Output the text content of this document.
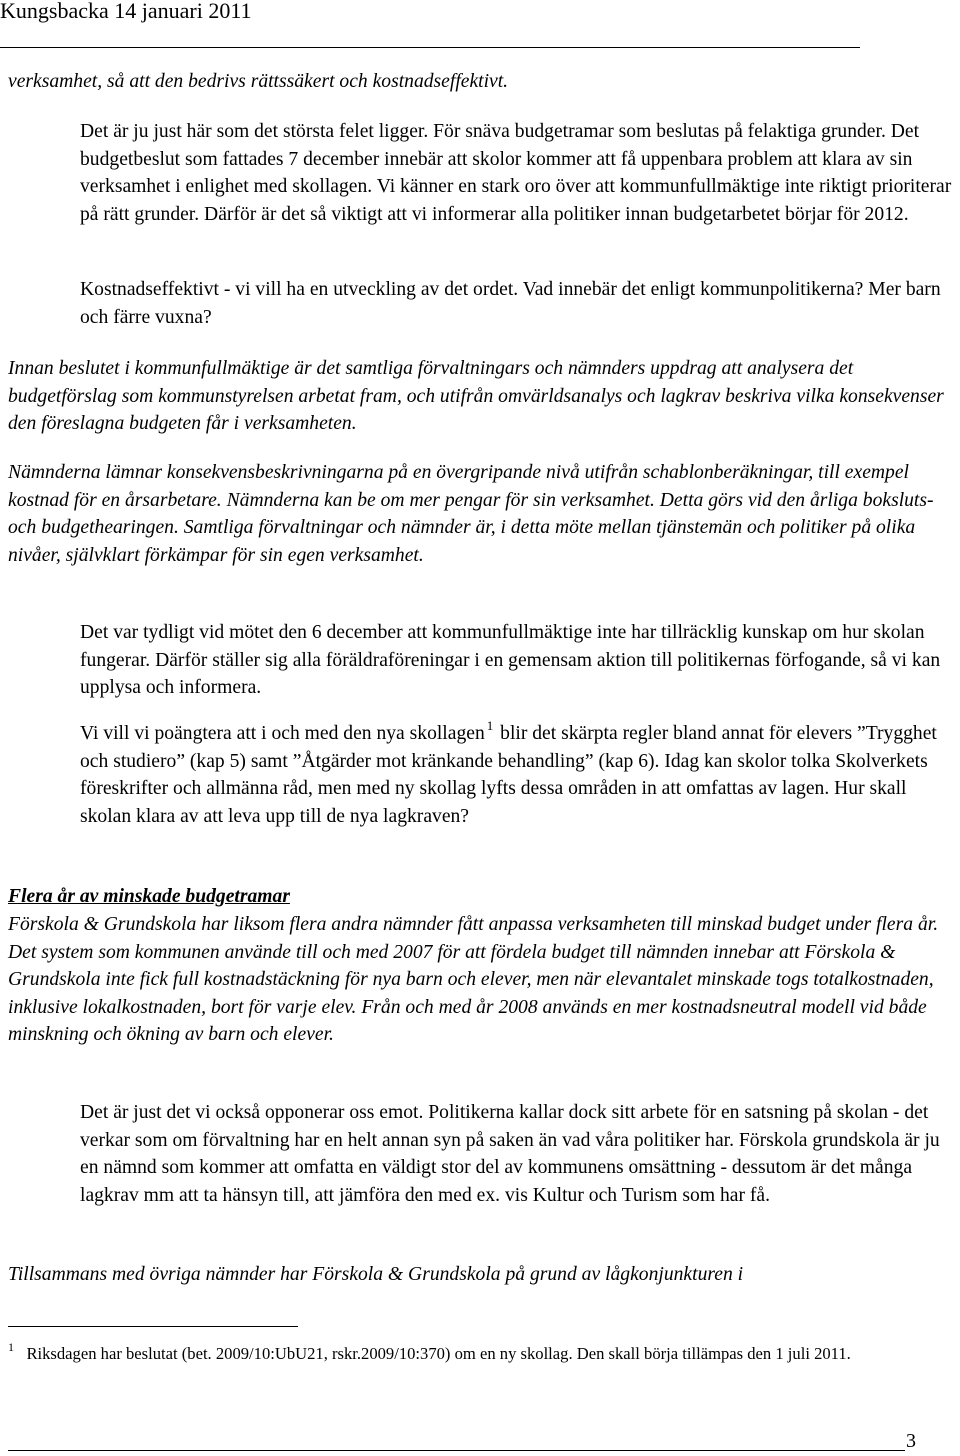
Kungsbacka 14 januari 2011

verksamhet, så att den bedrivs rättssäkert och kostnadseffektivt.

Det är ju just här som det största felet ligger. För snäva budgetramar som beslutas på felaktiga grunder. Det budgetbeslut som fattades 7 december innebär att skolor kommer att få uppenbara problem att klara av sin verksamhet i enlighet med skollagen. Vi känner en stark oro över att kommunfullmäktige inte riktigt prioriterar på rätt grunder. Därför är det så viktigt att vi informerar alla politiker innan budgetarbetet börjar för 2012.

Kostnadseffektivt - vi vill ha en utveckling av det ordet. Vad innebär det enligt kommunpolitikerna? Mer barn och färre vuxna?

Innan beslutet i kommunfullmäktige är det samtliga förvaltningars och nämnders uppdrag att analysera det budgetförslag som kommunstyrelsen arbetat fram, och utifrån omvärldsanalys och lagkrav beskriva vilka konsekvenser den föreslagna budgeten får i verksamheten.

Nämnderna lämnar konsekvensbeskrivningarna på en övergripande nivå utifrån schablonberäkningar, till exempel kostnad för en årsarbetare. Nämnderna kan be om mer pengar för sin verksamhet. Detta görs vid den årliga boksluts- och budgethearingen. Samtliga förvaltningar och nämnder är, i detta möte mellan tjänstemän och politiker på olika nivåer, självklart förkämpar för sin egen verksamhet.

Det var tydligt vid mötet den 6 december att kommunfullmäktige inte har tillräcklig kunskap om hur skolan fungerar. Därför ställer sig alla föräldraföreningar i en gemensam aktion till politikernas förfogande, så vi kan upplysa och informera.

Vi vill vi poängtera att i och med den nya skollagen $^1$ blir det skärpta regler bland annat för elevers ”Trygghet och studiero” (kap 5) samt ”Åtgärder mot kränkande behandling” (kap 6). Idag kan skolor tolka Skolverkets föreskrifter och allmänna råd, men med ny skollag lyfts dessa områden in att omfattas av lagen. Hur skall skolan klara av att leva upp till de nya lagkraven?

Flera år av minskade budgetramar

Förskola & Grundskola har liksom flera andra nämnder fått anpassa verksamheten till minskad budget under flera år. Det system som kommunen använde till och med 2007 för att fördela budget till nämnden innebar att Förskola & Grundskola inte fick full kostnadstäckning för nya barn och elever, men när elevantalet minskade togs totalkostnaden, inklusive lokalkostnaden, bort för varje elev. Från och med år 2008 används en mer kostnadsneutral modell vid både minskning och ökning av barn och elever.

Det är just det vi också opponerar oss emot. Politikerna kallar dock sitt arbete för en satsning på skolan - det verkar som om förvaltning har en helt annan syn på saken än vad våra politiker har. Förskola grundskola är ju en nämnd som kommer att omfatta en väldigt stor del av kommunens omsättning - dessutom är det många lagkrav mm att ta hänsyn till, att jämföra den med ex. vis Kultur och Turism som har få.

Tillsammans med övriga nämnder har Förskola & Grundskola på grund av lågkonjunkturen i

$^1$ Riksdagen har beslutat (bet. 2009/10:UbU21, rskr.2009/10:370) om en ny skollag. Den skall börja tillämpas den 1 juli 2011.

3
